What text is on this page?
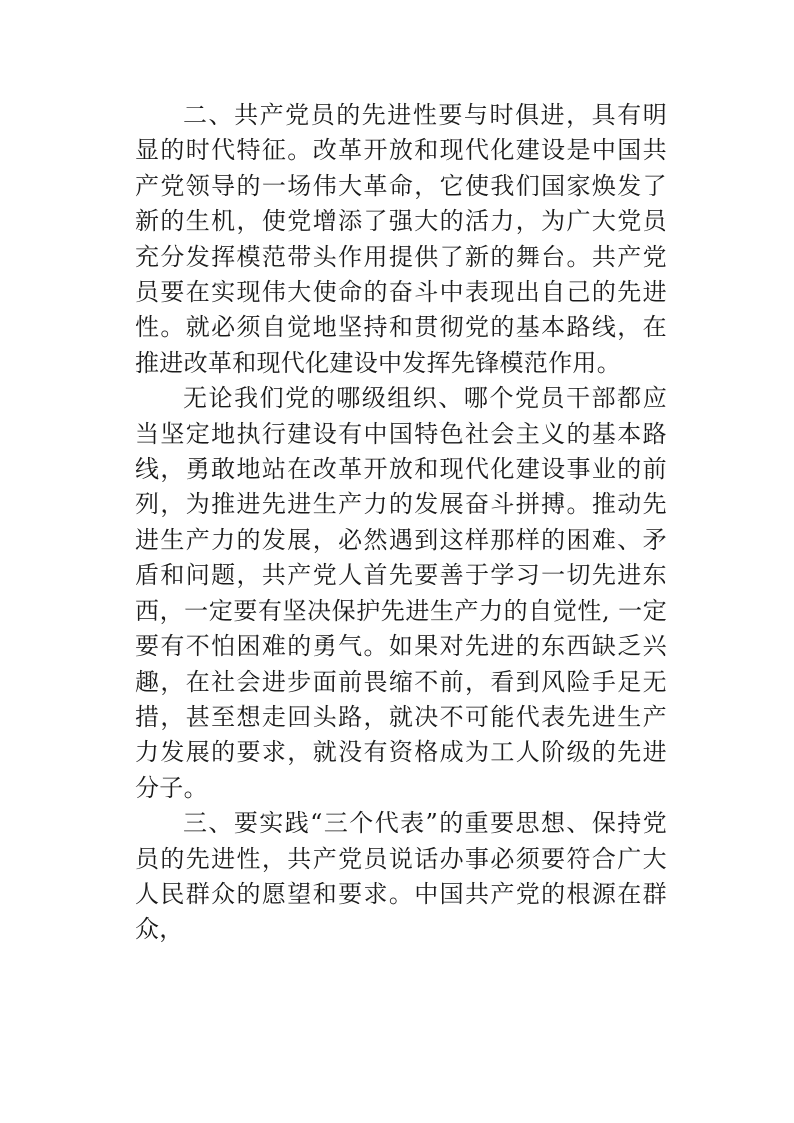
二、共产党员的先进性要与时俱进，具有明显的时代特征。改革开放和现代化建设是中国共产党领导的一场伟大革命，它使我们国家焕发了新的生机，使党增添了强大的活力，为广大党员充分发挥模范带头作用提供了新的舞台。共产党员要在实现伟大使命的奋斗中表现出自己的先进性。就必须自觉地坚持和贯彻党的基本路线，在推进改革和现代化建设中发挥先锋模范作用。

无论我们党的哪级组织、哪个党员干部都应当坚定地执行建设有中国特色社会主义的基本路线，勇敢地站在改革开放和现代化建设事业的前列，为推进先进生产力的发展奋斗拼搏。推动先进生产力的发展，必然遇到这样那样的困难、矛盾和问题，共产党人首先要善于学习一切先进东西，一定要有坚决保护先进生产力的自觉性, 一定要有不怕困难的勇气。如果对先进的东西缺乏兴趣，在社会进步面前畏缩不前，看到风险手足无措，甚至想走回头路，就决不可能代表先进生产力发展的要求，就没有资格成为工人阶级的先进分子。

三、要实践“三个代表”的重要思想、保持党员的先进性，共产党员说话办事必须要符合广大人民群众的愿望和要求。中国共产党的根源在群众，
